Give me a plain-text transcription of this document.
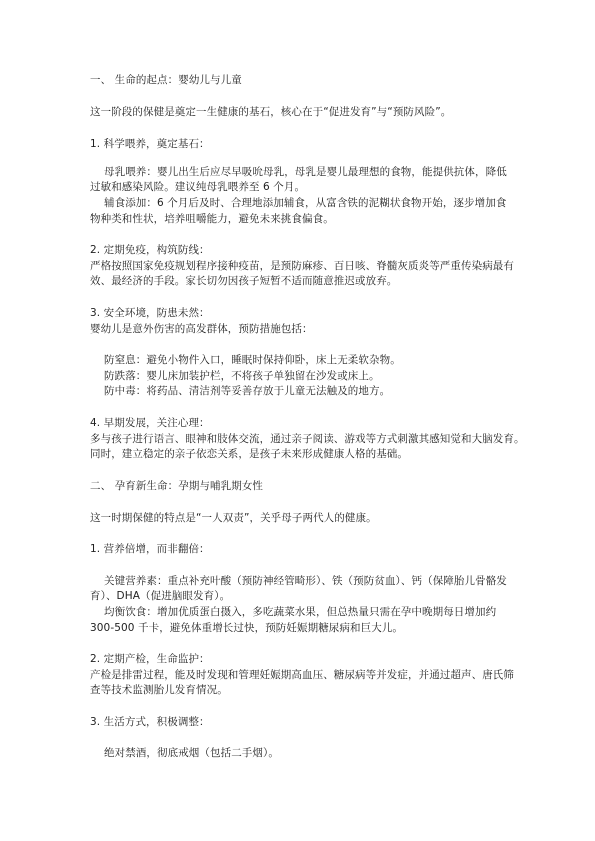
一、 生命的起点：婴幼儿与儿童
这一阶段的保健是奠定一生健康的基石，核心在于“促进发育”与“预防风险”。
1. 科学喂养，奠定基石：
母乳喂养：婴儿出生后应尽早吸吮母乳，母乳是婴儿最理想的食物，能提供抗体，降低
过敏和感染风险。建议纯母乳喂养至 6 个月。
辅食添加：6 个月后及时、合理地添加辅食，从富含铁的泥糊状食物开始，逐步增加食
物种类和性状，培养咀嚼能力，避免未来挑食偏食。
2. 定期免疫，构筑防线：
严格按照国家免疫规划程序接种疫苗，是预防麻疹、百日咳、脊髓灰质炎等严重传染病最有
效、最经济的手段。家长切勿因孩子短暂不适而随意推迟或放弃。
3. 安全环境，防患未然：
婴幼儿是意外伤害的高发群体，预防措施包括：
防窒息：避免小物件入口，睡眠时保持仰卧，床上无柔软杂物。
防跌落：婴儿床加装护栏，不将孩子单独留在沙发或床上。
防中毒：将药品、清洁剂等妥善存放于儿童无法触及的地方。
4. 早期发展，关注心理：
多与孩子进行语言、眼神和肢体交流，通过亲子阅读、游戏等方式刺激其感知觉和大脑发育。
同时，建立稳定的亲子依恋关系，是孩子未来形成健康人格的基础。
二、 孕育新生命：孕期与哺乳期女性
这一时期保健的特点是“一人双责”，关乎母子两代人的健康。
1. 营养倍增，而非翻倍：
关键营养素：重点补充叶酸（预防神经管畸形）、铁（预防贫血）、钙（保障胎儿骨骼发
育）、DHA（促进脑眼发育）。
均衡饮食：增加优质蛋白摄入，多吃蔬菜水果，但总热量只需在孕中晚期每日增加约
300-500 千卡，避免体重增长过快，预防妊娠期糖尿病和巨大儿。
2. 定期产检，生命监护：
产检是排雷过程，能及时发现和管理妊娠期高血压、糖尿病等并发症，并通过超声、唐氏筛
查等技术监测胎儿发育情况。
3. 生活方式，积极调整：
绝对禁酒，彻底戒烟（包括二手烟）。
